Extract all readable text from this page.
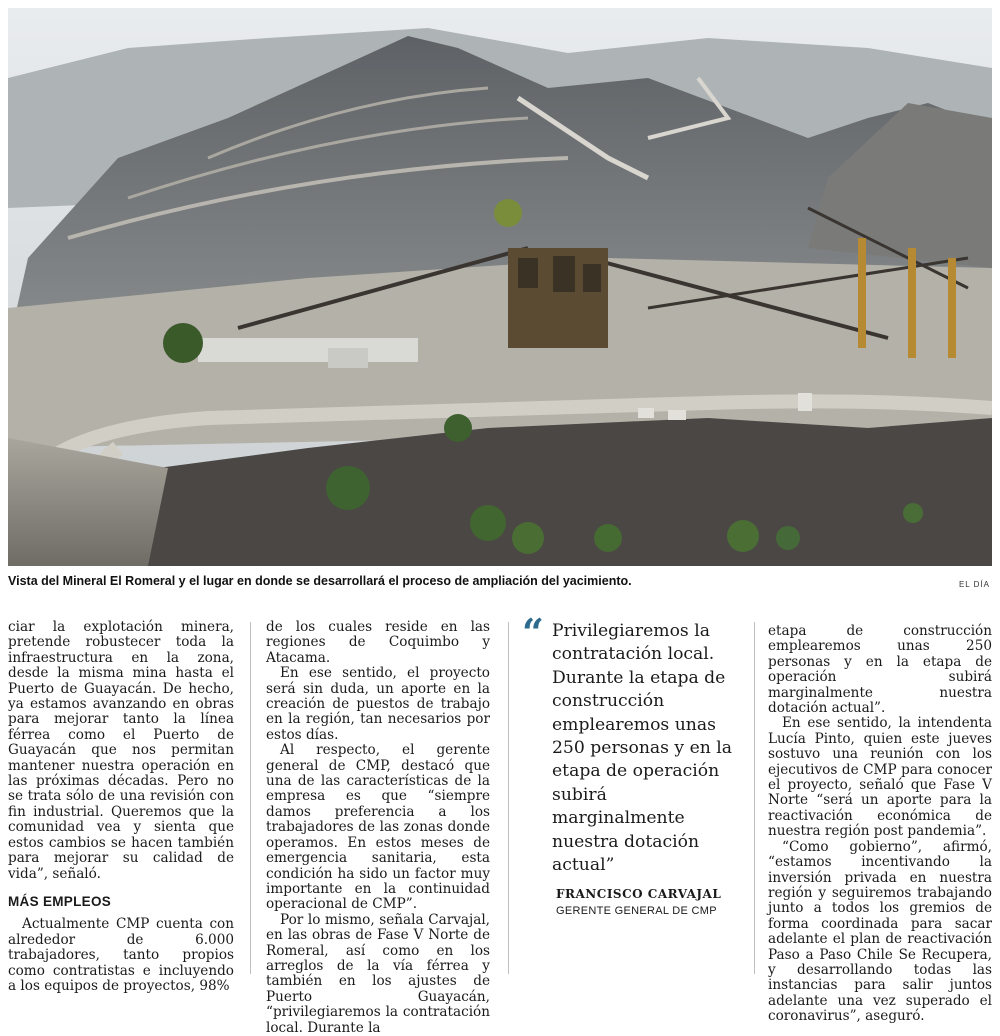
Vista del Mineral El Romeral y el lugar en donde se desarrollará el proceso de ampliación del yacimiento.	EL DÍA

ciar la explotación minera, pretende robustecer toda la infraestructura en la zona, desde la misma mina hasta el Puerto de Guayacán. De hecho, ya estamos avanzando en obras para mejorar tanto la línea férrea como el Puerto de Guayacán que nos permitan mantener nuestra operación en las próximas décadas. Pero no se trata sólo de una revisión con fin industrial. Queremos que la comunidad vea y sienta que estos cambios se hacen también para mejorar su calidad de vida”, señaló.

MÁS EMPLEOS

Actualmente CMP cuenta con alrededor de 6.000 trabajadores, tanto propios como contratistas e incluyendo a los equipos de proyectos, 98%

de los cuales reside en las regiones de Coquimbo y Atacama.

En ese sentido, el proyecto será sin duda, un aporte en la creación de puestos de trabajo en la región, tan necesarios por estos días.

Al respecto, el gerente general de CMP, destacó que una de las características de la empresa es que “siempre damos preferencia a los trabajadores de las zonas donde operamos. En estos meses de emergencia sanitaria, esta condición ha sido un factor muy importante en la continuidad operacional de CMP”.

Por lo mismo, señala Carvajal, en las obras de Fase V Norte de Romeral, así como en los arreglos de la vía férrea y también en los ajustes de Puerto Guayacán, “privilegiaremos la contratación local. Durante la

“ Privilegiaremos la contratación local. Durante la etapa de construcción emplearemos unas 250 personas y en la etapa de operación subirá marginalmente nuestra dotación actual”

FRANCISCO CARVAJAL
GERENTE GENERAL DE CMP

etapa de construcción emplearemos unas 250 personas y en la etapa de operación subirá marginalmente nuestra dotación actual”.

En ese sentido, la intendenta Lucía Pinto, quien este jueves sostuvo una reunión con los ejecutivos de CMP para conocer el proyecto, señaló que Fase V Norte “será un aporte para la reactivación económica de nuestra región post pandemia”.

“Como gobierno”, afirmó, “estamos incentivando la inversión privada en nuestra región y seguiremos trabajando junto a todos los gremios de forma coordinada para sacar adelante el plan de reactivación Paso a Paso Chile Se Recupera, y desarrollando todas las instancias para salir juntos adelante una vez superado el coronavirus”, aseguró.
